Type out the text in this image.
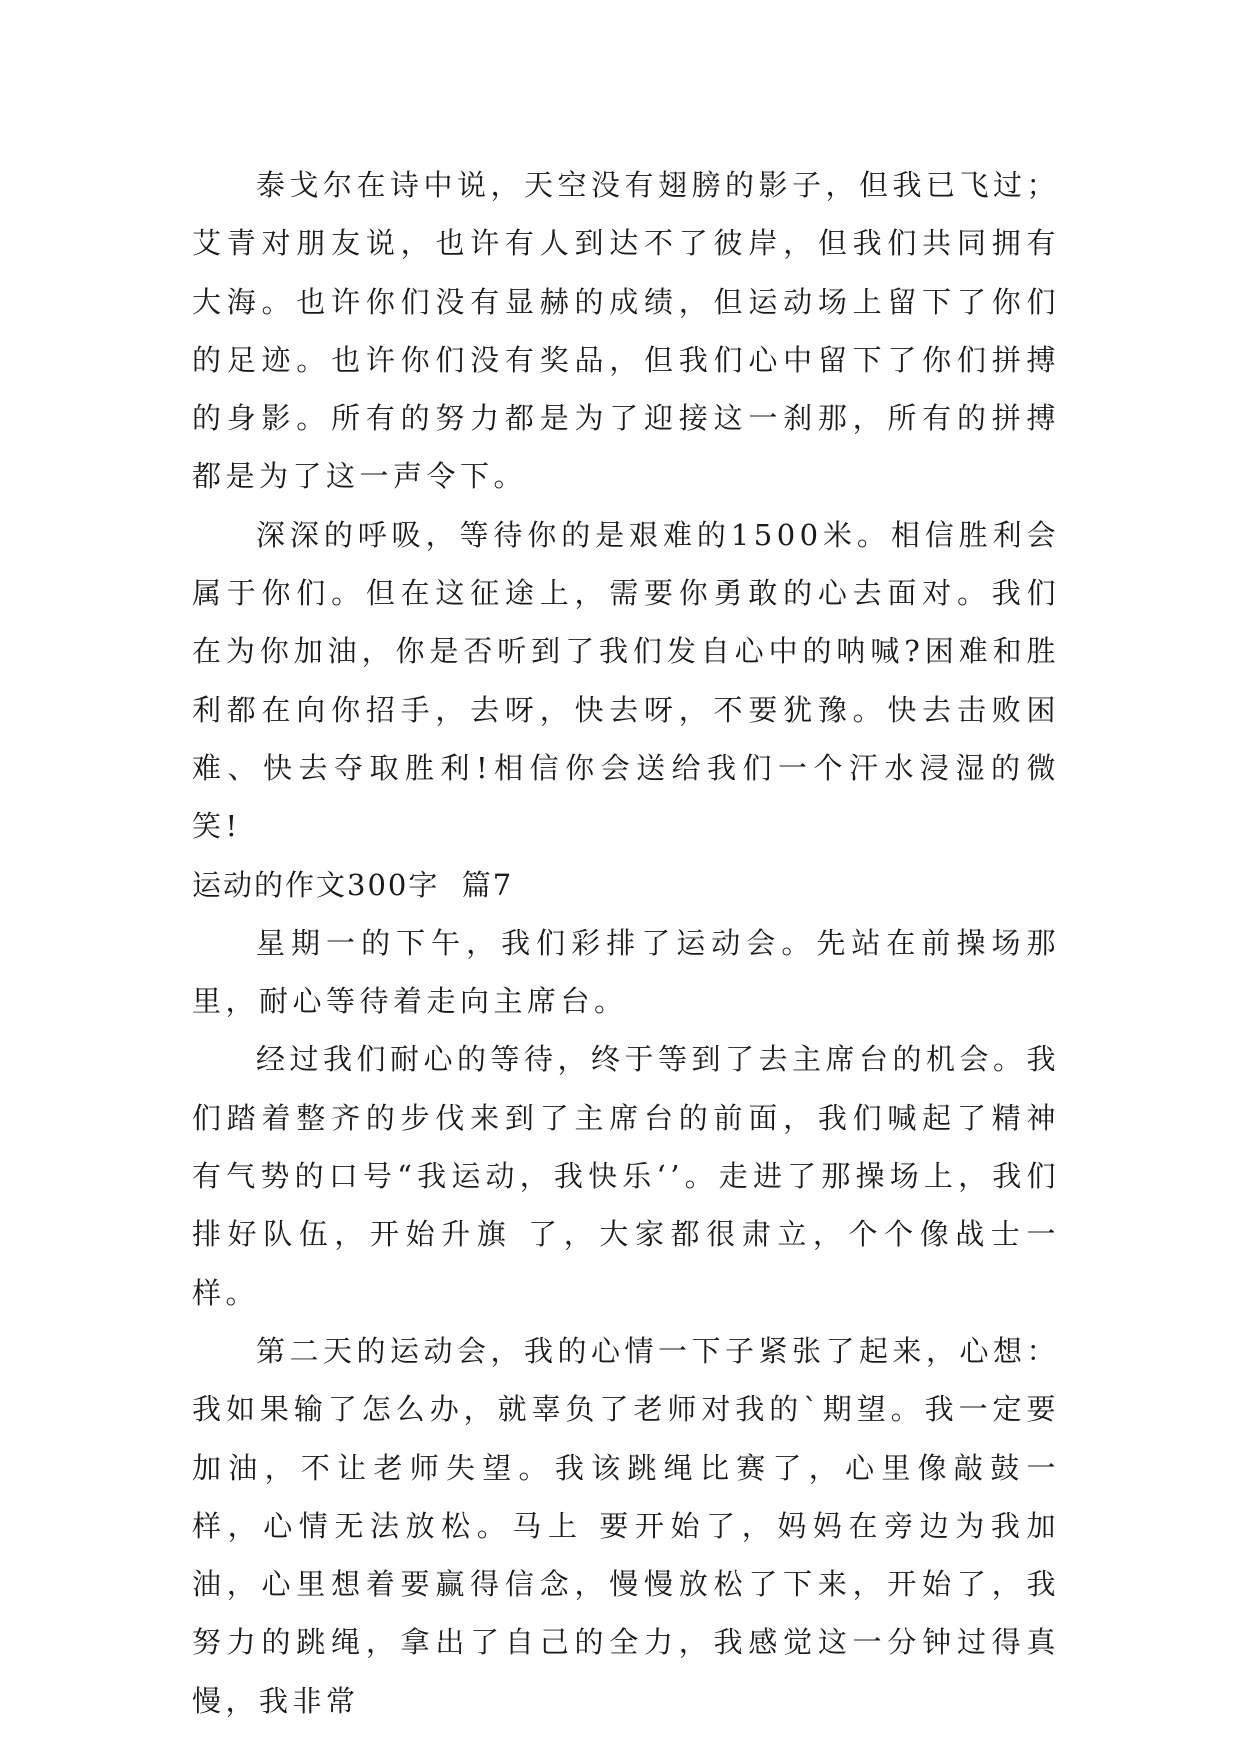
泰戈尔在诗中说，天空没有翅膀的影子，但我已飞过；艾青对朋友说，也许有人到达不了彼岸，但我们共同拥有大海。也许你们没有显赫的成绩，但运动场上留下了你们的足迹。也许你们没有奖品，但我们心中留下了你们拼搏的身影。所有的努力都是为了迎接这一刹那，所有的拼搏都是为了这一声令下。

深深的呼吸，等待你的是艰难的1500米。相信胜利会属于你们。但在这征途上，需要你勇敢的心去面对。我们在为你加油，你是否听到了我们发自心中的呐喊?困难和胜利都在向你招手，去呀，快去呀，不要犹豫。快去击败困难、快去夺取胜利!相信你会送给我们一个汗水浸湿的微笑!

运动的作文300字  篇7

星期一的下午，我们彩排了运动会。先站在前操场那里，耐心等待着走向主席台。

经过我们耐心的等待，终于等到了去主席台的机会。我们踏着整齐的步伐来到了主席台的前面，我们喊起了精神有气势的口号“我运动，我快乐‘’。走进了那操场上，我们排好队伍，开始升旗 了，大家都很肃立，个个像战士一样。

第二天的运动会，我的心情一下子紧张了起来，心想：我如果输了怎么办，就辜负了老师对我的`期望。我一定要加油，不让老师失望。我该跳绳比赛了，心里像敲鼓一样，心情无法放松。马上 要开始了，妈妈在旁边为我加油，心里想着要赢得信念，慢慢放松了下来，开始了，我努力的跳绳，拿出了自己的全力，我感觉这一分钟过得真慢，我非常
